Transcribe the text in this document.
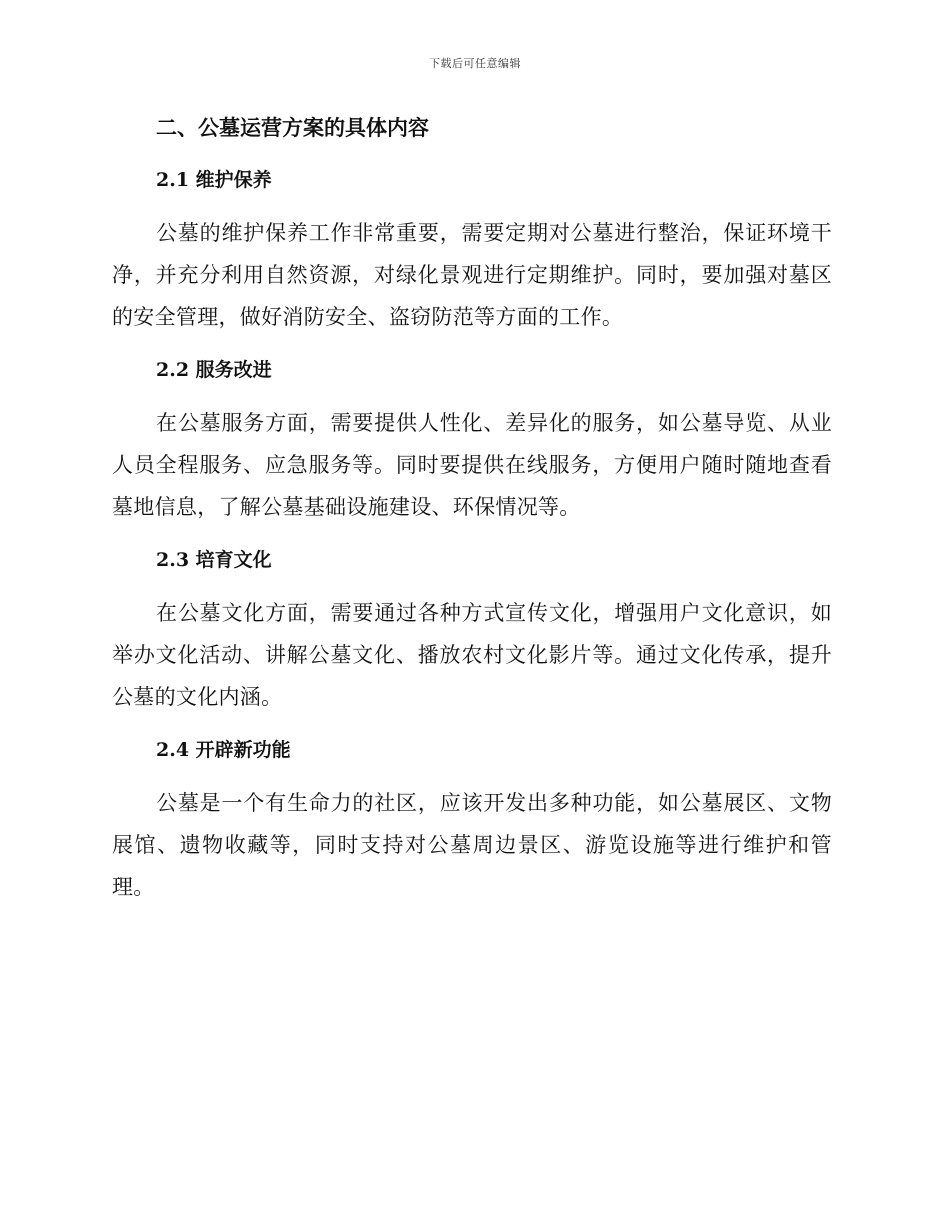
下载后可任意编辑
二、公墓运营方案的具体内容
2.1 维护保养

公墓的维护保养工作非常重要，需要定期对公墓进行整治，保证环境干净，并充分利用自然资源，对绿化景观进行定期维护。同时，要加强对墓区的安全管理，做好消防安全、盗窃防范等方面的工作。

2.2 服务改进

在公墓服务方面，需要提供人性化、差异化的服务，如公墓导览、从业人员全程服务、应急服务等。同时要提供在线服务，方便用户随时随地查看墓地信息，了解公墓基础设施建设、环保情况等。

2.3 培育文化

在公墓文化方面，需要通过各种方式宣传文化，增强用户文化意识，如举办文化活动、讲解公墓文化、播放农村文化影片等。通过文化传承，提升公墓的文化内涵。

2.4 开辟新功能

公墓是一个有生命力的社区，应该开发出多种功能，如公墓展区、文物展馆、遗物收藏等，同时支持对公墓周边景区、游览设施等进行维护和管理。
